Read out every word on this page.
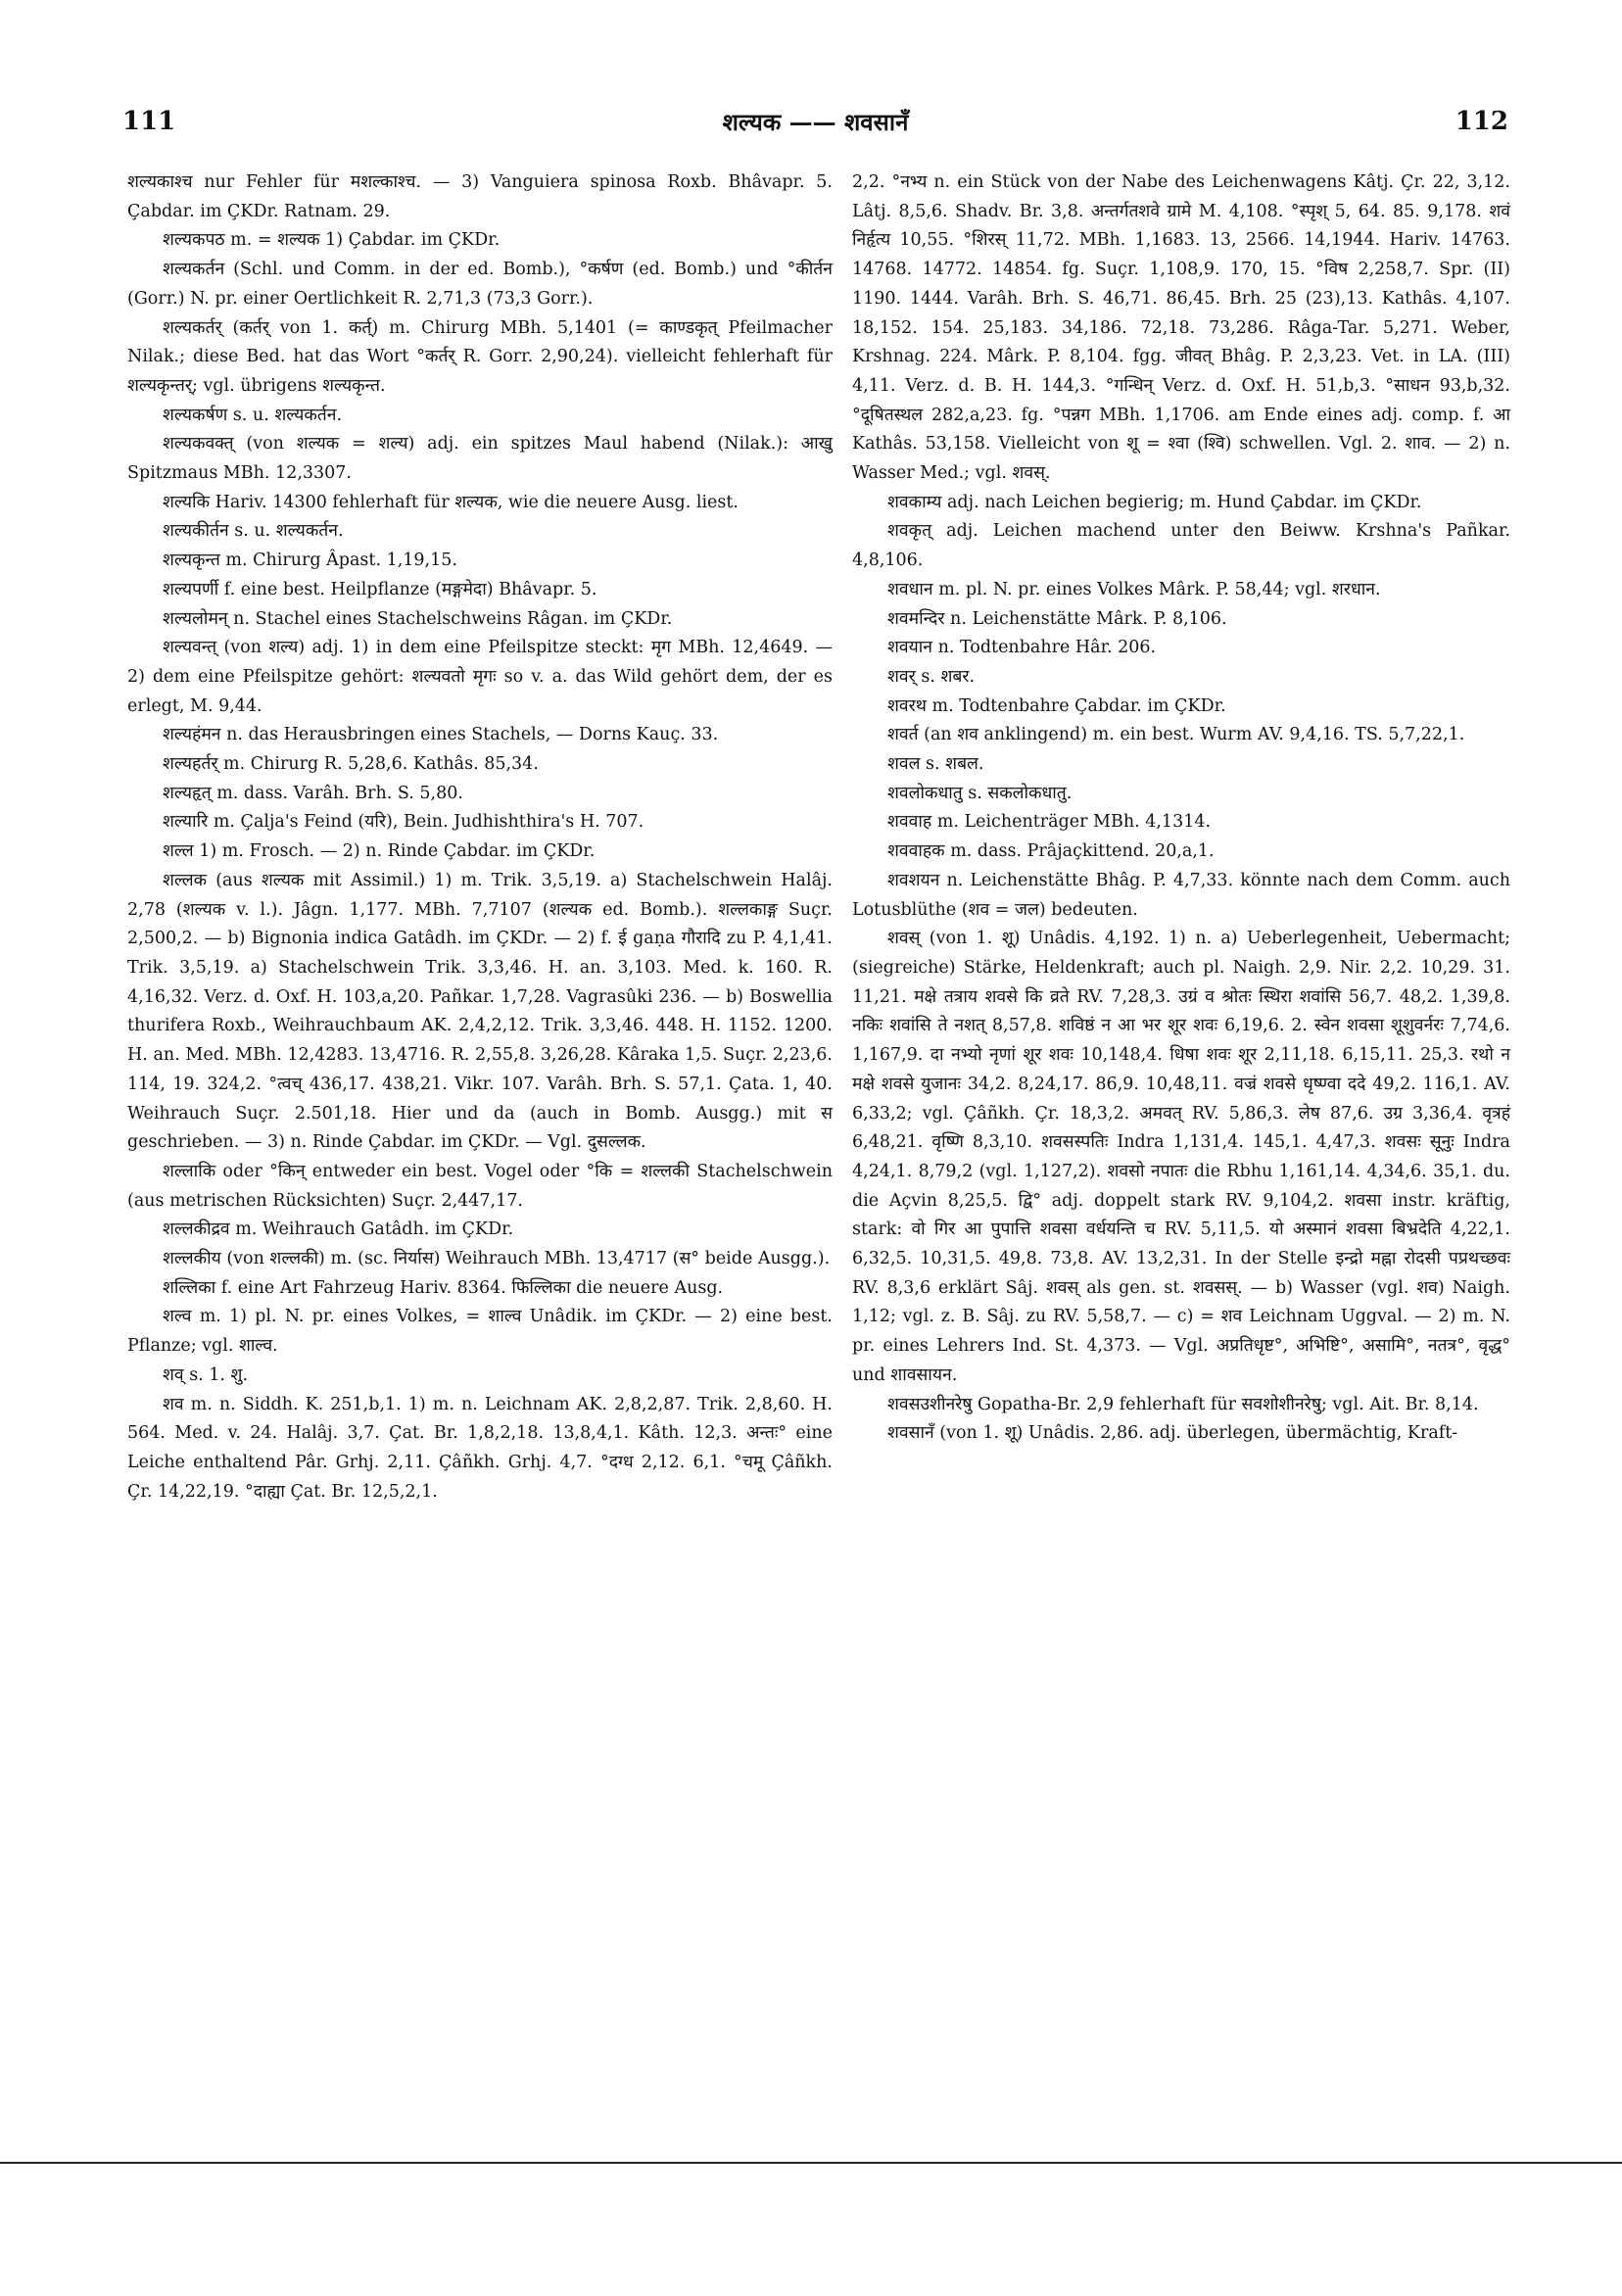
111	शल्यक —— शवसानँ	112

शल्यकाश्च nur Fehler für मशल्काश्च. — 3) Vanguiera spinosa Roxb. Bhâvapr. 5. Çabdar. im ÇKDr. Ratnam. 29.

शल्यकपठ m. = शल्यक 1) Çabdar. im ÇKDr.

शल्यकर्तन (Schl. und Comm. in der ed. Bomb.), °कर्षण (ed. Bomb.) und °कीर्तन (Gorr.) N. pr. einer Oertlichkeit R. 2,71,3 (73,3 Gorr.).

शल्यकर्तर् (कर्तर् von 1. कर्त्) m. Chirurg MBh. 5,1401 (= काण्डकृत् Pfeilmacher Nilak.; diese Bed. hat das Wort °कर्तर् R. Gorr. 2,90,24). vielleicht fehlerhaft für शल्यकृन्तर्; vgl. übrigens शल्यकृन्त.

शल्यकर्षण s. u. शल्यकर्तन.

शल्यकवक्त् (von शल्यक = शल्य) adj. ein spitzes Maul habend (Nilak.): आखु Spitzmaus MBh. 12,3307.

शल्यकि Hariv. 14300 fehlerhaft für शल्यक, wie die neuere Ausg. liest.

शल्यकीर्तन s. u. शल्यकर्तन.

शल्यकृन्त m. Chirurg Âpast. 1,19,15.

शल्यपर्णी f. eine best. Heilpflanze (मङ्गमेदा) Bhâvapr. 5.

शल्यलोमन् n. Stachel eines Stachelschweins Râgan. im ÇKDr.

शल्यवन्त् (von शल्य) adj. 1) in dem eine Pfeilspitze steckt: मृग MBh. 12,4649. — 2) dem eine Pfeilspitze gehört: शल्यवतो मृगः so v. a. das Wild gehört dem, der es erlegt, M. 9,44.

शल्यहंमन n. das Herausbringen eines Stachels, — Dorns Kauç. 33.

शल्यहर्तर् m. Chirurg R. 5,28,6. Kathâs. 85,34.

शल्यहृत् m. dass. Varâh. Brh. S. 5,80.

शल्यारि m. Çalja's Feind (यरि), Bein. Judhishthira's H. 707.

शल्ल 1) m. Frosch. — 2) n. Rinde Çabdar. im ÇKDr.

शल्लक (aus शल्यक mit Assimil.) 1) m. Trik. 3,5,19. a) Stachelschwein Halâj. 2,78 (शल्यक v. l.). Jâgn. 1,177. MBh. 7,7107 (शल्यक ed. Bomb.). शल्लकाङ्ग Suçr. 2,500,2. — b) Bignonia indica Gatâdh. im ÇKDr. — 2) f. ई gaṇa गौरादि zu P. 4,1,41. Trik. 3,5,19. a) Stachelschwein Trik. 3,3,46. H. an. 3,103. Med. k. 160. R. 4,16,32. Verz. d. Oxf. H. 103,a,20. Pañkar. 1,7,28. Vagrasûki 236. — b) Boswellia thurifera Roxb., Weihrauchbaum AK. 2,4,2,12. Trik. 3,3,46. 448. H. 1152. 1200. H. an. Med. MBh. 12,4283. 13,4716. R. 2,55,8. 3,26,28. Kâraka 1,5. Suçr. 2,23,6. 114, 19. 324,2. °त्वच् 436,17. 438,21. Vikr. 107. Varâh. Brh. S. 57,1. Çata. 1, 40. Weihrauch Suçr. 2.501,18. Hier und da (auch in Bomb. Ausgg.) mit स geschrieben. — 3) n. Rinde Çabdar. im ÇKDr. — Vgl. दुसल्लक.

शल्लाकि oder °किन् entweder ein best. Vogel oder °कि = शल्लकी Stachelschwein (aus metrischen Rücksichten) Suçr. 2,447,17.

शल्लकीद्रव m. Weihrauch Gatâdh. im ÇKDr.

शल्लकीय (von शल्लकी) m. (sc. निर्यास) Weihrauch MBh. 13,4717 (स° beide Ausgg.).

शल्लिका f. eine Art Fahrzeug Hariv. 8364. फिल्लिका die neuere Ausg.

शल्व m. 1) pl. N. pr. eines Volkes, = शाल्व Unâdik. im ÇKDr. — 2) eine best. Pflanze; vgl. शाल्व.

शव् s. 1. शु.

शव m. n. Siddh. K. 251,b,1. 1) m. n. Leichnam AK. 2,8,2,87. Trik. 2,8,60. H. 564. Med. v. 24. Halâj. 3,7. Çat. Br. 1,8,2,18. 13,8,4,1. Kâth. 12,3. अन्तः° eine Leiche enthaltend Pâr. Grhj. 2,11. Çâñkh. Grhj. 4,7. °दग्ध 2,12. 6,1. °चमू Çâñkh. Çr. 14,22,19. °दाह्या Çat. Br. 12,5,2,1.

2,2. °नभ्य n. ein Stück von der Nabe des Leichenwagens Kâtj. Çr. 22, 3,12. Lâtj. 8,5,6. Shadv. Br. 3,8. अन्तर्गतशवे ग्रामे M. 4,108. °स्पृश् 5, 64. 85. 9,178. शवं निर्हृत्य 10,55. °शिरस् 11,72. MBh. 1,1683. 13, 2566. 14,1944. Hariv. 14763. 14768. 14772. 14854. fg. Suçr. 1,108,9. 170, 15. °विष 2,258,7. Spr. (II) 1190. 1444. Varâh. Brh. S. 46,71. 86,45. Brh. 25 (23),13. Kathâs. 4,107. 18,152. 154. 25,183. 34,186. 72,18. 73,286. Râga-Tar. 5,271. Weber, Krshnag. 224. Mârk. P. 8,104. fgg. जीवत् Bhâg. P. 2,3,23. Vet. in LA. (III) 4,11. Verz. d. B. H. 144,3. °गन्धिन् Verz. d. Oxf. H. 51,b,3. °साधन 93,b,32. °दूषितस्थल 282,a,23. fg. °पन्नग MBh. 1,1706. am Ende eines adj. comp. f. आ Kathâs. 53,158. Vielleicht von शू = श्वा (श्वि) schwellen. Vgl. 2. शाव. — 2) n. Wasser Med.; vgl. शवस्.

शवकाम्य adj. nach Leichen begierig; m. Hund Çabdar. im ÇKDr.

शवकृत् adj. Leichen machend unter den Beiww. Krshna's Pañkar. 4,8,106.

शवधान m. pl. N. pr. eines Volkes Mârk. P. 58,44; vgl. शरधान.

शवमन्दिर n. Leichenstätte Mârk. P. 8,106.

शवयान n. Todtenbahre Hâr. 206.

शवर् s. शबर.

शवरथ m. Todtenbahre Çabdar. im ÇKDr.

शवर्त (an शव anklingend) m. ein best. Wurm AV. 9,4,16. TS. 5,7,22,1.

शवल s. शबल.

शवलोकधातु s. सकलोकधातु.

शववाह m. Leichenträger MBh. 4,1314.

शववाहक m. dass. Prâjaçkittend. 20,a,1.

शवशयन n. Leichenstätte Bhâg. P. 4,7,33. könnte nach dem Comm. auch Lotusblüthe (शव = जल) bedeuten.

शवस् (von 1. शू) Unâdis. 4,192. 1) n. a) Ueberlegenheit, Uebermacht; (siegreiche) Stärke, Heldenkraft; auch pl. Naigh. 2,9. Nir. 2,2. 10,29. 31. 11,21. मक्षे तत्राय शवसे कि व्रते RV. 7,28,3. उग्रं व श्रोतः स्थिरा शवांसि 56,7. 48,2. 1,39,8. नकिः शवांसि ते नशत् 8,57,8. शविष्ठं न आ भर शूर शवः 6,19,6. 2. स्वेन शवसा शूशुवर्नरः 7,74,6. 1,167,9. दा नभ्यो नृणां शूर शवः 10,148,4. धिषा शवः शूर 2,11,18. 6,15,11. 25,3. रथो न मक्षे शवसे युजानः 34,2. 8,24,17. 86,9. 10,48,11. वज्रं शवसे धृष्ण्वा ददे 49,2. 116,1. AV. 6,33,2; vgl. Çâñkh. Çr. 18,3,2. अमवत् RV. 5,86,3. लेष 87,6. उग्र 3,36,4. वृत्रहं 6,48,21. वृष्णि 8,3,10. शवसस्पतिः Indra 1,131,4. 145,1. 4,47,3. शवसः सूनुः Indra 4,24,1. 8,79,2 (vgl. 1,127,2). शवसो नपातः die Rbhu 1,161,14. 4,34,6. 35,1. du. die Açvin 8,25,5. द्वि° adj. doppelt stark RV. 9,104,2. शवसा instr. kräftig, stark: वो गिर आ पुपात्ति शवसा वर्धयन्ति च RV. 5,11,5. यो अस्मानं शवसा बिभ्रदेति 4,22,1. 6,32,5. 10,31,5. 49,8. 73,8. AV. 13,2,31. In der Stelle इन्द्रो मह्ना रोदसी पप्रथच्छवः RV. 8,3,6 erklärt Sâj. शवस् als gen. st. शवसस्. — b) Wasser (vgl. शव) Naigh. 1,12; vgl. z. B. Sâj. zu RV. 5,58,7. — c) = शव Leichnam Uggval. — 2) m. N. pr. eines Lehrers Ind. St. 4,373. — Vgl. अप्रतिधृष्ट°, अभिष्टि°, असामि°, नतत्र°, वृद्ध° und शावसायन.

शवसउशीनरेषु Gopatha-Br. 2,9 fehlerhaft für सवशोशीनरेषु; vgl. Ait. Br. 8,14.

शवसानँ (von 1. शू) Unâdis. 2,86. adj. überlegen, übermächtig, Kraft-
